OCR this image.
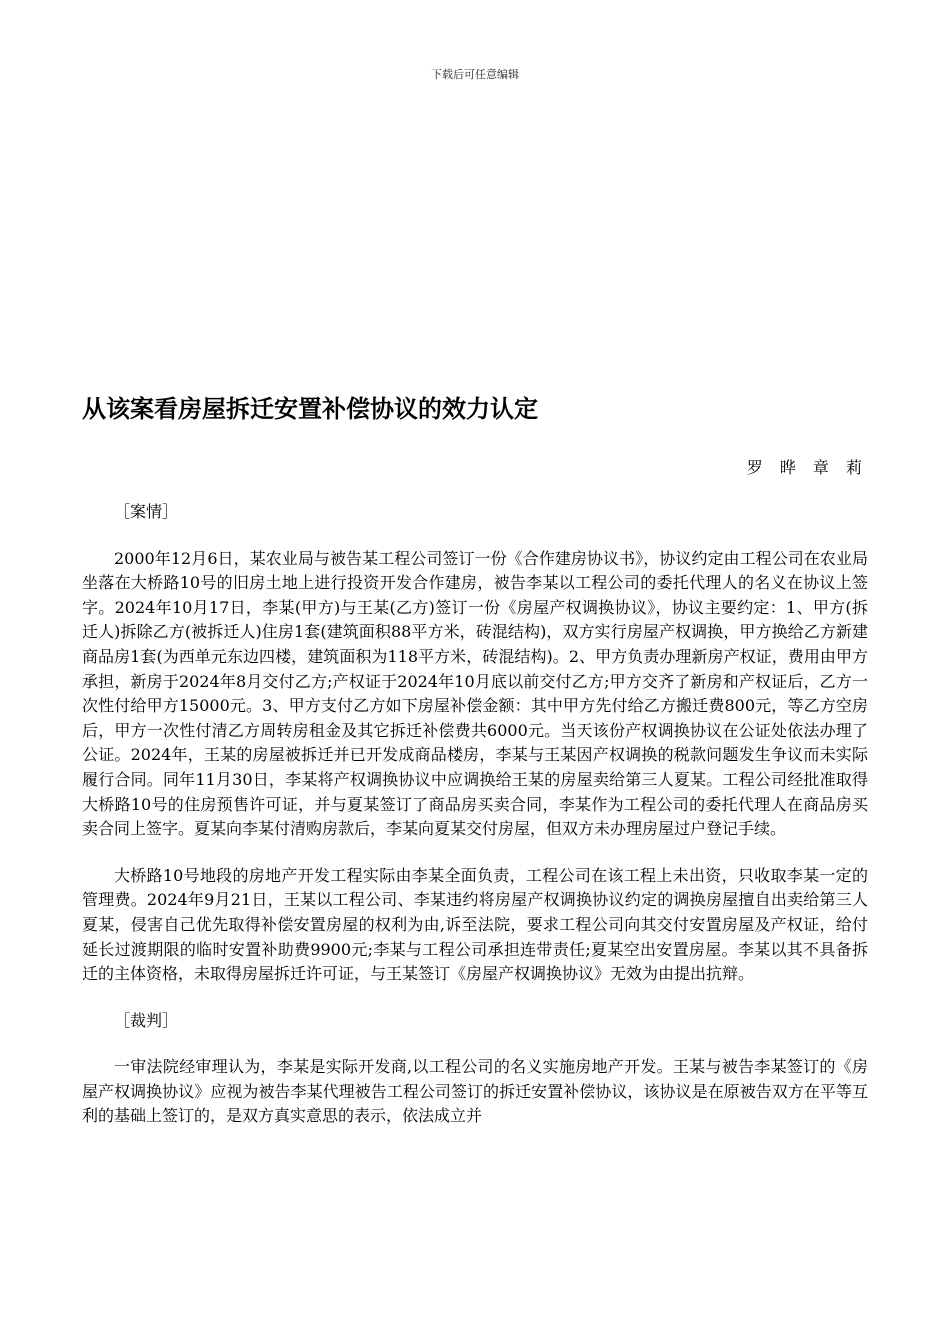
下载后可任意编辑
从该案看房屋拆迁安置补偿协议的效力认定
罗 晔 章 莉

［案情］

2000年12月6日，某农业局与被告某工程公司签订一份《合作建房协议书》，协议约定由工程公司在农业局坐落在大桥路10号的旧房土地上进行投资开发合作建房，被告李某以工程公司的委托代理人的名义在协议上签字。2024年10月17日，李某(甲方)与王某(乙方)签订一份《房屋产权调换协议》，协议主要约定：1、甲方(拆迁人)拆除乙方(被拆迁人)住房1套(建筑面积88平方米，砖混结构)，双方实行房屋产权调换，甲方换给乙方新建商品房1套(为西单元东边四楼，建筑面积为118平方米，砖混结构)。2、甲方负责办理新房产权证，费用由甲方承担，新房于2024年8月交付乙方;产权证于2024年10月底以前交付乙方;甲方交齐了新房和产权证后，乙方一次性付给甲方15000元。3、甲方支付乙方如下房屋补偿金额：其中甲方先付给乙方搬迁费800元，等乙方空房后，甲方一次性付清乙方周转房租金及其它拆迁补偿费共6000元。当天该份产权调换协议在公证处依法办理了公证。2024年，王某的房屋被拆迁并已开发成商品楼房，李某与王某因产权调换的税款问题发生争议而未实际履行合同。同年11月30日，李某将产权调换协议中应调换给王某的房屋卖给第三人夏某。工程公司经批准取得大桥路10号的住房预售许可证，并与夏某签订了商品房买卖合同，李某作为工程公司的委托代理人在商品房买卖合同上签字。夏某向李某付清购房款后，李某向夏某交付房屋，但双方未办理房屋过户登记手续。

大桥路10号地段的房地产开发工程实际由李某全面负责，工程公司在该工程上未出资，只收取李某一定的管理费。2024年9月21日，王某以工程公司、李某违约将房屋产权调换协议约定的调换房屋擅自出卖给第三人夏某，侵害自己优先取得补偿安置房屋的权利为由,诉至法院，要求工程公司向其交付安置房屋及产权证，给付延长过渡期限的临时安置补助费9900元;李某与工程公司承担连带责任;夏某空出安置房屋。李某以其不具备拆迁的主体资格，未取得房屋拆迁许可证，与王某签订《房屋产权调换协议》无效为由提出抗辩。

［裁判］

一审法院经审理认为，李某是实际开发商,以工程公司的名义实施房地产开发。王某与被告李某签订的《房屋产权调换协议》应视为被告李某代理被告工程公司签订的拆迁安置补偿协议，该协议是在原被告双方在平等互利的基础上签订的，是双方真实意思的表示，依法成立并
